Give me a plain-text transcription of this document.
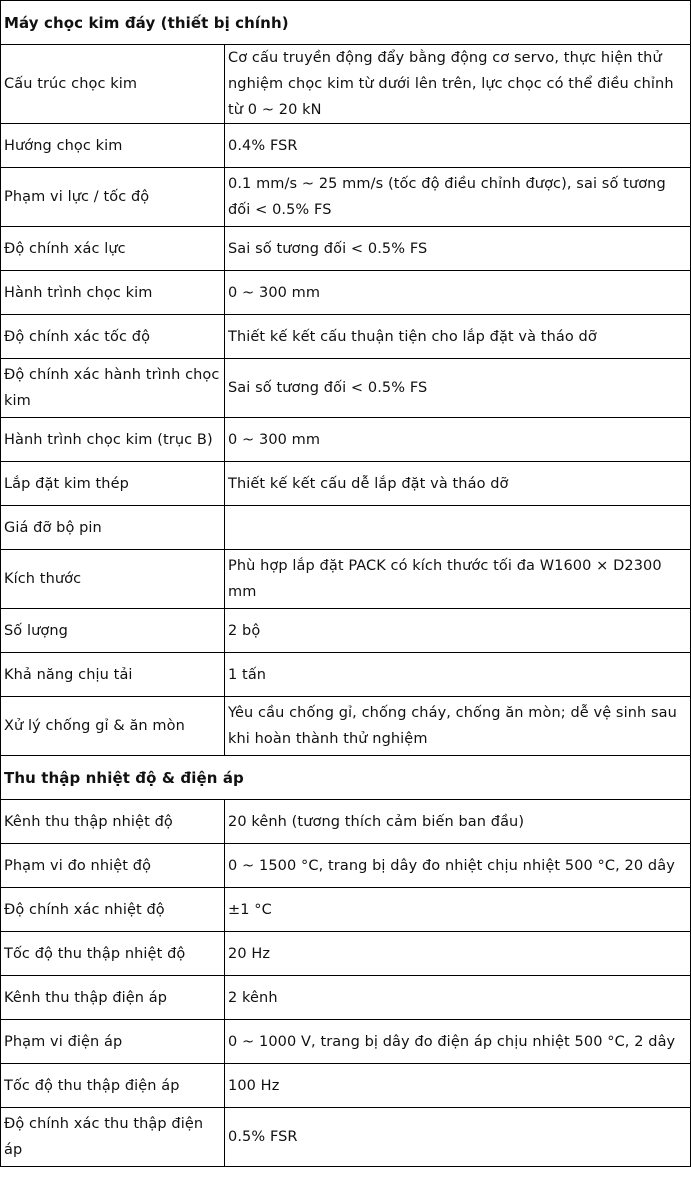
Máy chọc kim đáy (thiết bị chính)	
Cấu trúc chọc kim	Cơ cấu truyền động đẩy bằng động cơ servo, thực hiện thử nghiệm chọc kim từ dưới lên trên, lực chọc có thể điều chỉnh từ 0 ~ 20 kN
Hướng chọc kim	0.4% FSR
Phạm vi lực / tốc độ	0.1 mm/s ~ 25 mm/s (tốc độ điều chỉnh được), sai số tương đối < 0.5% FS
Độ chính xác lực	Sai số tương đối < 0.5% FS
Hành trình chọc kim	0 ~ 300 mm
Độ chính xác tốc độ	Thiết kế kết cấu thuận tiện cho lắp đặt và tháo dỡ
Độ chính xác hành trình chọc kim	Sai số tương đối < 0.5% FS
Hành trình chọc kim (trục B)	0 ~ 300 mm
Lắp đặt kim thép	Thiết kế kết cấu dễ lắp đặt và tháo dỡ
Giá đỡ bộ pin	
Kích thước	Phù hợp lắp đặt PACK có kích thước tối đa W1600 × D2300 mm
Số lượng	2 bộ
Khả năng chịu tải	1 tấn
Xử lý chống gỉ & ăn mòn	Yêu cầu chống gỉ, chống cháy, chống ăn mòn; dễ vệ sinh sau khi hoàn thành thử nghiệm
Thu thập nhiệt độ & điện áp	
Kênh thu thập nhiệt độ	20 kênh (tương thích cảm biến ban đầu)
Phạm vi đo nhiệt độ	0 ~ 1500 °C, trang bị dây đo nhiệt chịu nhiệt 500 °C, 20 dây
Độ chính xác nhiệt độ	±1 °C
Tốc độ thu thập nhiệt độ	20 Hz
Kênh thu thập điện áp	2 kênh
Phạm vi điện áp	0 ~ 1000 V, trang bị dây đo điện áp chịu nhiệt 500 °C, 2 dây
Tốc độ thu thập điện áp	100 Hz
Độ chính xác thu thập điện áp	0.5% FSR
